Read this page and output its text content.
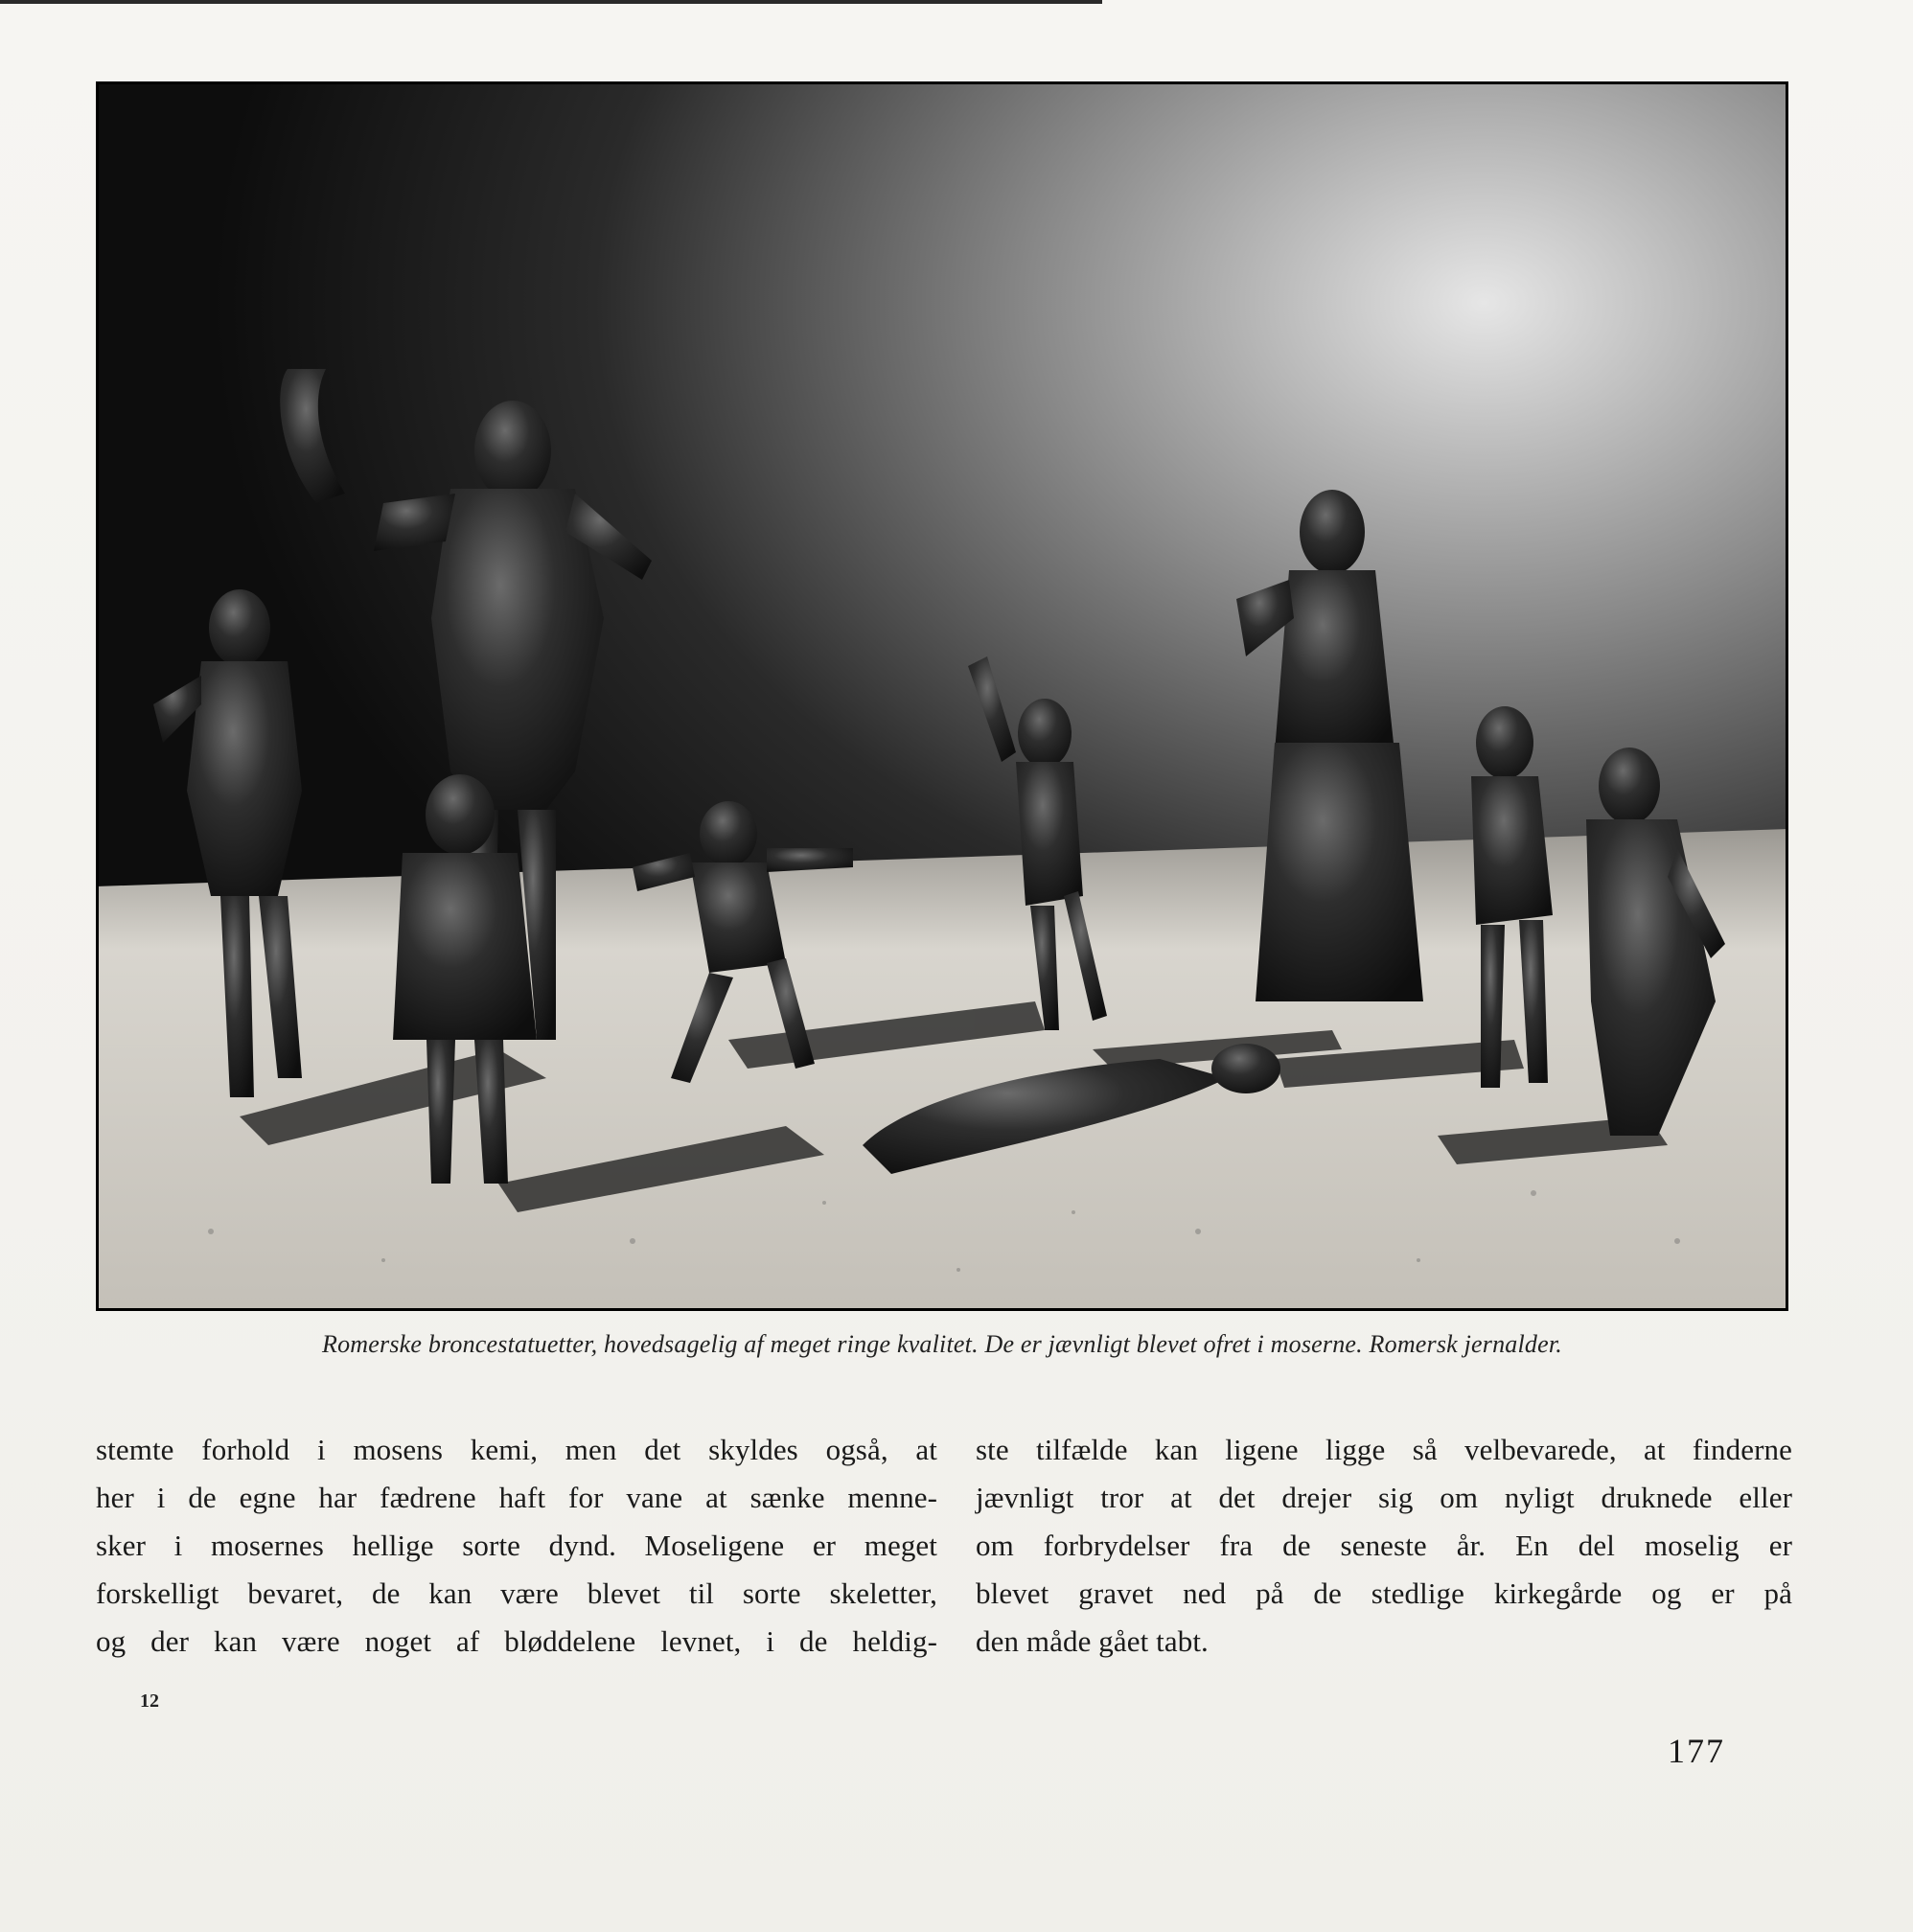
Romerske broncestatuetter, hovedsagelig af meget ringe kvalitet. De er jævnligt blevet ofret i moserne. Romersk jernalder.
stemte forhold i mosens kemi, men det skyldes også, at
her i de egne har fædrene haft for vane at sænke menne-
sker i mosernes hellige sorte dynd. Moseligene er meget
forskelligt bevaret, de kan være blevet til sorte skeletter,
og der kan være noget af bløddelene levnet, i de heldig-
ste tilfælde kan ligene ligge så velbevarede, at finderne
jævnligt tror at det drejer sig om nyligt druknede eller
om forbrydelser fra de seneste år. En del moselig er
blevet gravet ned på de stedlige kirkegårde og er på
den måde gået tabt.
12
177
